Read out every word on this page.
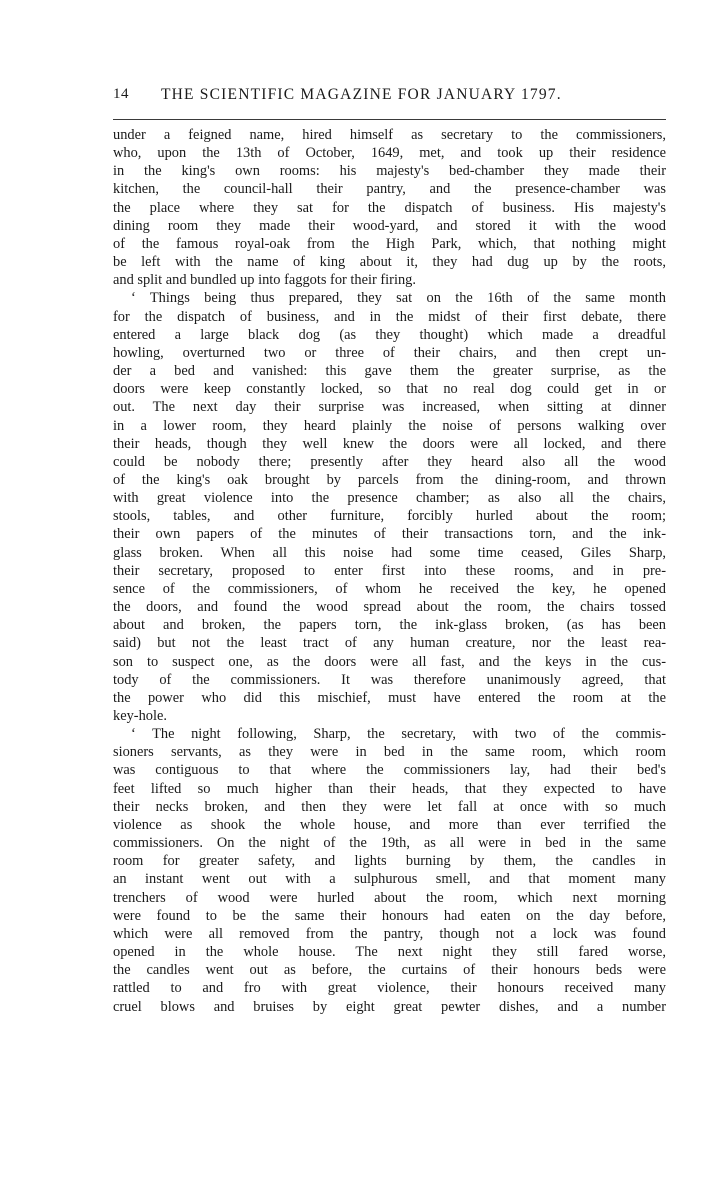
14 THE SCIENTIFIC MAGAZINE FOR JANUARY 1797.
under a feigned name, hired himself as secretary to the commissioners,
who, upon the 13th of October, 1649, met, and took up their residence
in the king's own rooms: his majesty's bed-chamber they made their
kitchen, the council-hall their pantry, and the presence-chamber was
the place where they sat for the dispatch of business. His majesty's
dining room they made their wood-yard, and stored it with the wood
of the famous royal-oak from the High Park, which, that nothing might
be left with the name of king about it, they had dug up by the roots,
and split and bundled up into faggots for their firing.
‘ Things being thus prepared, they sat on the 16th of the same month
for the dispatch of business, and in the midst of their first debate, there
entered a large black dog (as they thought) which made a dreadful
howling, overturned two or three of their chairs, and then crept un-
der a bed and vanished: this gave them the greater surprise, as the
doors were keep constantly locked, so that no real dog could get in or
out. The next day their surprise was increased, when sitting at dinner
in a lower room, they heard plainly the noise of persons walking over
their heads, though they well knew the doors were all locked, and there
could be nobody there; presently after they heard also all the wood
of the king's oak brought by parcels from the dining-room, and thrown
with great violence into the presence chamber; as also all the chairs,
stools, tables, and other furniture, forcibly hurled about the room;
their own papers of the minutes of their transactions torn, and the ink-
glass broken. When all this noise had some time ceased, Giles Sharp,
their secretary, proposed to enter first into these rooms, and in pre-
sence of the commissioners, of whom he received the key, he opened
the doors, and found the wood spread about the room, the chairs tossed
about and broken, the papers torn, the ink-glass broken, (as has been
said) but not the least tract of any human creature, nor the least rea-
son to suspect one, as the doors were all fast, and the keys in the cus-
tody of the commissioners. It was therefore unanimously agreed, that
the power who did this mischief, must have entered the room at the
key-hole.
‘ The night following, Sharp, the secretary, with two of the commis-
sioners servants, as they were in bed in the same room, which room
was contiguous to that where the commissioners lay, had their bed's
feet lifted so much higher than their heads, that they expected to have
their necks broken, and then they were let fall at once with so much
violence as shook the whole house, and more than ever terrified the
commissioners. On the night of the 19th, as all were in bed in the same
room for greater safety, and lights burning by them, the candles in
an instant went out with a sulphurous smell, and that moment many
trenchers of wood were hurled about the room, which next morning
were found to be the same their honours had eaten on the day before,
which were all removed from the pantry, though not a lock was found
opened in the whole house. The next night they still fared worse,
the candles went out as before, the curtains of their honours beds were
rattled to and fro with great violence, their honours received many
cruel blows and bruises by eight great pewter dishes, and a number
